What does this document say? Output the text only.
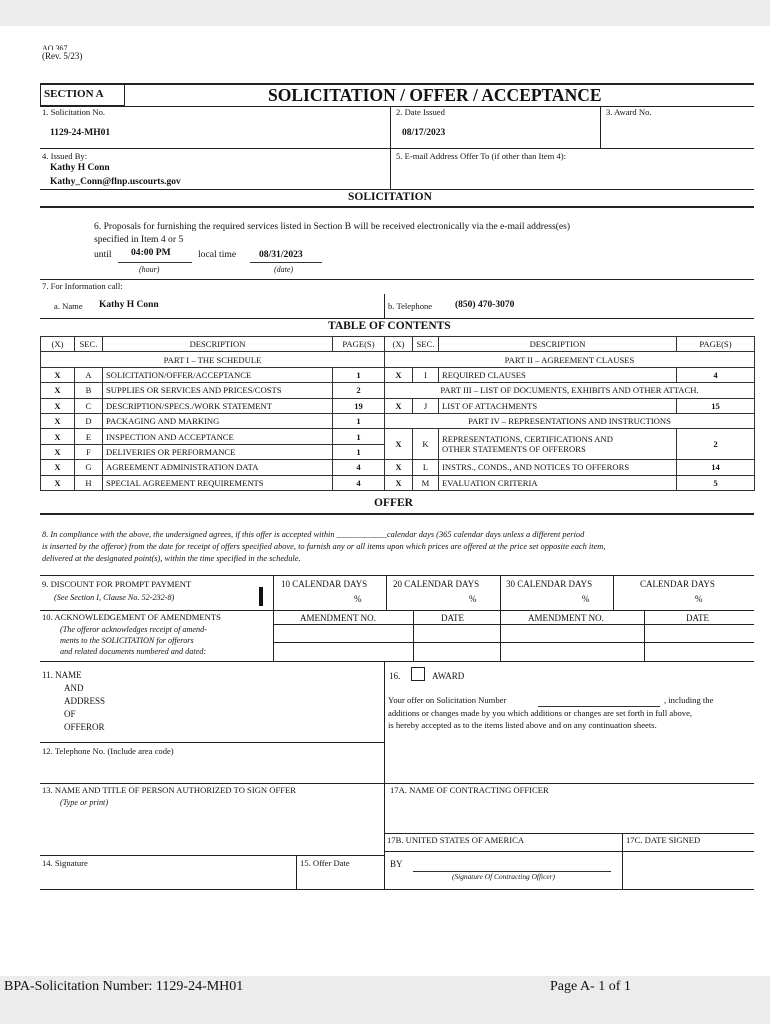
AO 367
(Rev. 5/23)
SECTION A	SOLICITATION / OFFER / ACCEPTANCE
1. Solicitation No.
1129-24-MH01
2. Date Issued
08/17/2023
3. Award No.
4. Issued By:
Kathy H Conn
Kathy_Conn@flnp.uscourts.gov
5. E-mail Address Offer To (if other than Item 4):
SOLICITATION
6. Proposals for furnishing the required services listed in Section B will be received electronically via the e-mail address(es)
specified in Item 4 or 5
until 04:00 PM
(hour)
local time 08/31/2023
(date)
7. For Information call:
a. Name Kathy H Conn	b. Telephone (850) 470-3070
TABLE OF CONTENTS
(X)	SEC.	DESCRIPTION	PAGE(S)
PART I – THE SCHEDULE			
X	A	SOLICITATION/OFFER/ACCEPTANCE	1
X	B	SUPPLIES OR SERVICES AND PRICES/COSTS	2
X	C	DESCRIPTION/SPECS./WORK STATEMENT	19
X	D	PACKAGING AND MARKING	1
X	E	INSPECTION AND ACCEPTANCE	1
X	F	DELIVERIES OR PERFORMANCE	1
X	G	AGREEMENT ADMINISTRATION DATA	4
X	H	SPECIAL AGREEMENT REQUIREMENTS	4
(X)	SEC.	DESCRIPTION	PAGE(S)
PART II – AGREEMENT CLAUSES			
X	I	REQUIRED CLAUSES	4
PART III – LIST OF DOCUMENTS, EXHIBITS AND OTHER ATTACH.			
X	J	LIST OF ATTACHMENTS	15
PART IV – REPRESENTATIONS AND INSTRUCTIONS			
X	K	REPRESENTATIONS, CERTIFICATIONS AND
OTHER STATEMENTS OF OFFERORS	2
X	L	INSTRS., CONDS., AND NOTICES TO OFFERORS	14
X	M	EVALUATION CRITERIA	5
OFFER
8. In compliance with the above, the undersigned agrees, if this offer is accepted within ____________calendar days (365 calendar days unless a different period
is inserted by the offeror) from the date for receipt of offers specified above, to furnish any or all items upon which prices are offered at the price set opposite each item,
delivered at the designated point(s), within the time specified in the schedule.
9. DISCOUNT FOR PROMPT PAYMENT
(See Section I, Clause No. 52-232-8)
10 CALENDAR DAYS
%
20 CALENDAR DAYS
%
30 CALENDAR DAYS
%
CALENDAR DAYS
%
10. ACKNOWLEDGEMENT OF AMENDMENTS
(The offeror acknowledges receipt of amend-
ments to the SOLICITATION for offerors
and related documents numbered and dated:
AMENDMENT NO.	DATE	AMENDMENT NO.	DATE
11. NAME
AND
ADDRESS
OF
OFFEROR
16.	AWARD
Your offer on Solicitation Number	, including the
additions or changes made by you which additions or changes are set forth in full above,
is hereby accepted as to the items listed above and on any continuation sheets.
12. Telephone No. (Include area code)
13. NAME AND TITLE OF PERSON AUTHORIZED TO SIGN OFFER
(Type or print)
17A. NAME OF CONTRACTING OFFICER
17B. UNITED STATES OF AMERICA	17C. DATE SIGNED
14. Signature	15. Offer Date	BY
(Signature Of Contracting Officer)
BPA-Solicitation Number: 1129-24-MH01	Page A- 1 of 1
